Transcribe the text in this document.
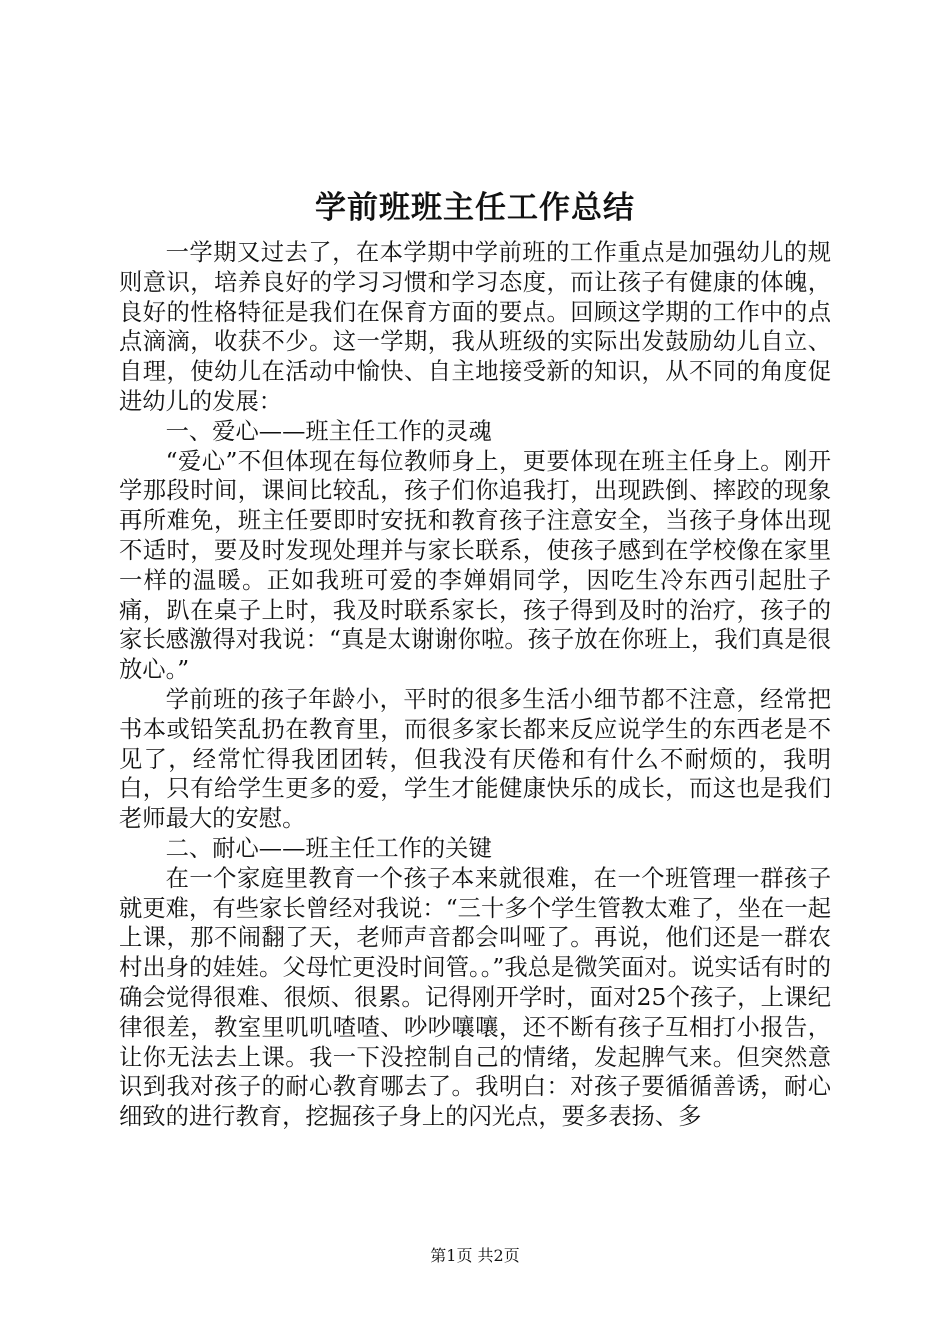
学前班班主任工作总结

一学期又过去了，在本学期中学前班的工作重点是加强幼儿的规则意识，培养良好的学习习惯和学习态度，而让孩子有健康的体魄，良好的性格特征是我们在保育方面的要点。回顾这学期的工作中的点点滴滴，收获不少。这一学期，我从班级的实际出发鼓励幼儿自立、自理，使幼儿在活动中愉快、自主地接受新的知识，从不同的角度促进幼儿的发展：

一、爱心——班主任工作的灵魂

“爱心”不但体现在每位教师身上，更要体现在班主任身上。刚开学那段时间，课间比较乱，孩子们你追我打，出现跌倒、摔跤的现象再所难免，班主任要即时安抚和教育孩子注意安全，当孩子身体出现不适时，要及时发现处理并与家长联系，使孩子感到在学校像在家里一样的温暖。正如我班可爱的李婵娟同学，因吃生冷东西引起肚子痛，趴在桌子上时，我及时联系家长，孩子得到及时的治疗，孩子的家长感激得对我说：“真是太谢谢你啦。孩子放在你班上，我们真是很放心。”

学前班的孩子年龄小，平时的很多生活小细节都不注意，经常把书本或铅笑乱扔在教育里，而很多家长都来反应说学生的东西老是不见了，经常忙得我团团转，但我没有厌倦和有什么不耐烦的，我明白，只有给学生更多的爱，学生才能健康快乐的成长，而这也是我们老师最大的安慰。

二、耐心——班主任工作的关键

在一个家庭里教育一个孩子本来就很难，在一个班管理一群孩子就更难，有些家长曾经对我说：“三十多个学生管教太难了，坐在一起上课，那不闹翻了天，老师声音都会叫哑了。再说，他们还是一群农村出身的娃娃。父母忙更没时间管。。”我总是微笑面对。说实话有时的确会觉得很难、很烦、很累。记得刚开学时，面对25个孩子，上课纪律很差，教室里叽叽喳喳、吵吵嚷嚷，还不断有孩子互相打小报告，让你无法去上课。我一下没控制自己的情绪，发起脾气来。但突然意识到我对孩子的耐心教育哪去了。我明白：对孩子要循循善诱，耐心细致的进行教育，挖掘孩子身上的闪光点，要多表扬、多

第1页 共2页
